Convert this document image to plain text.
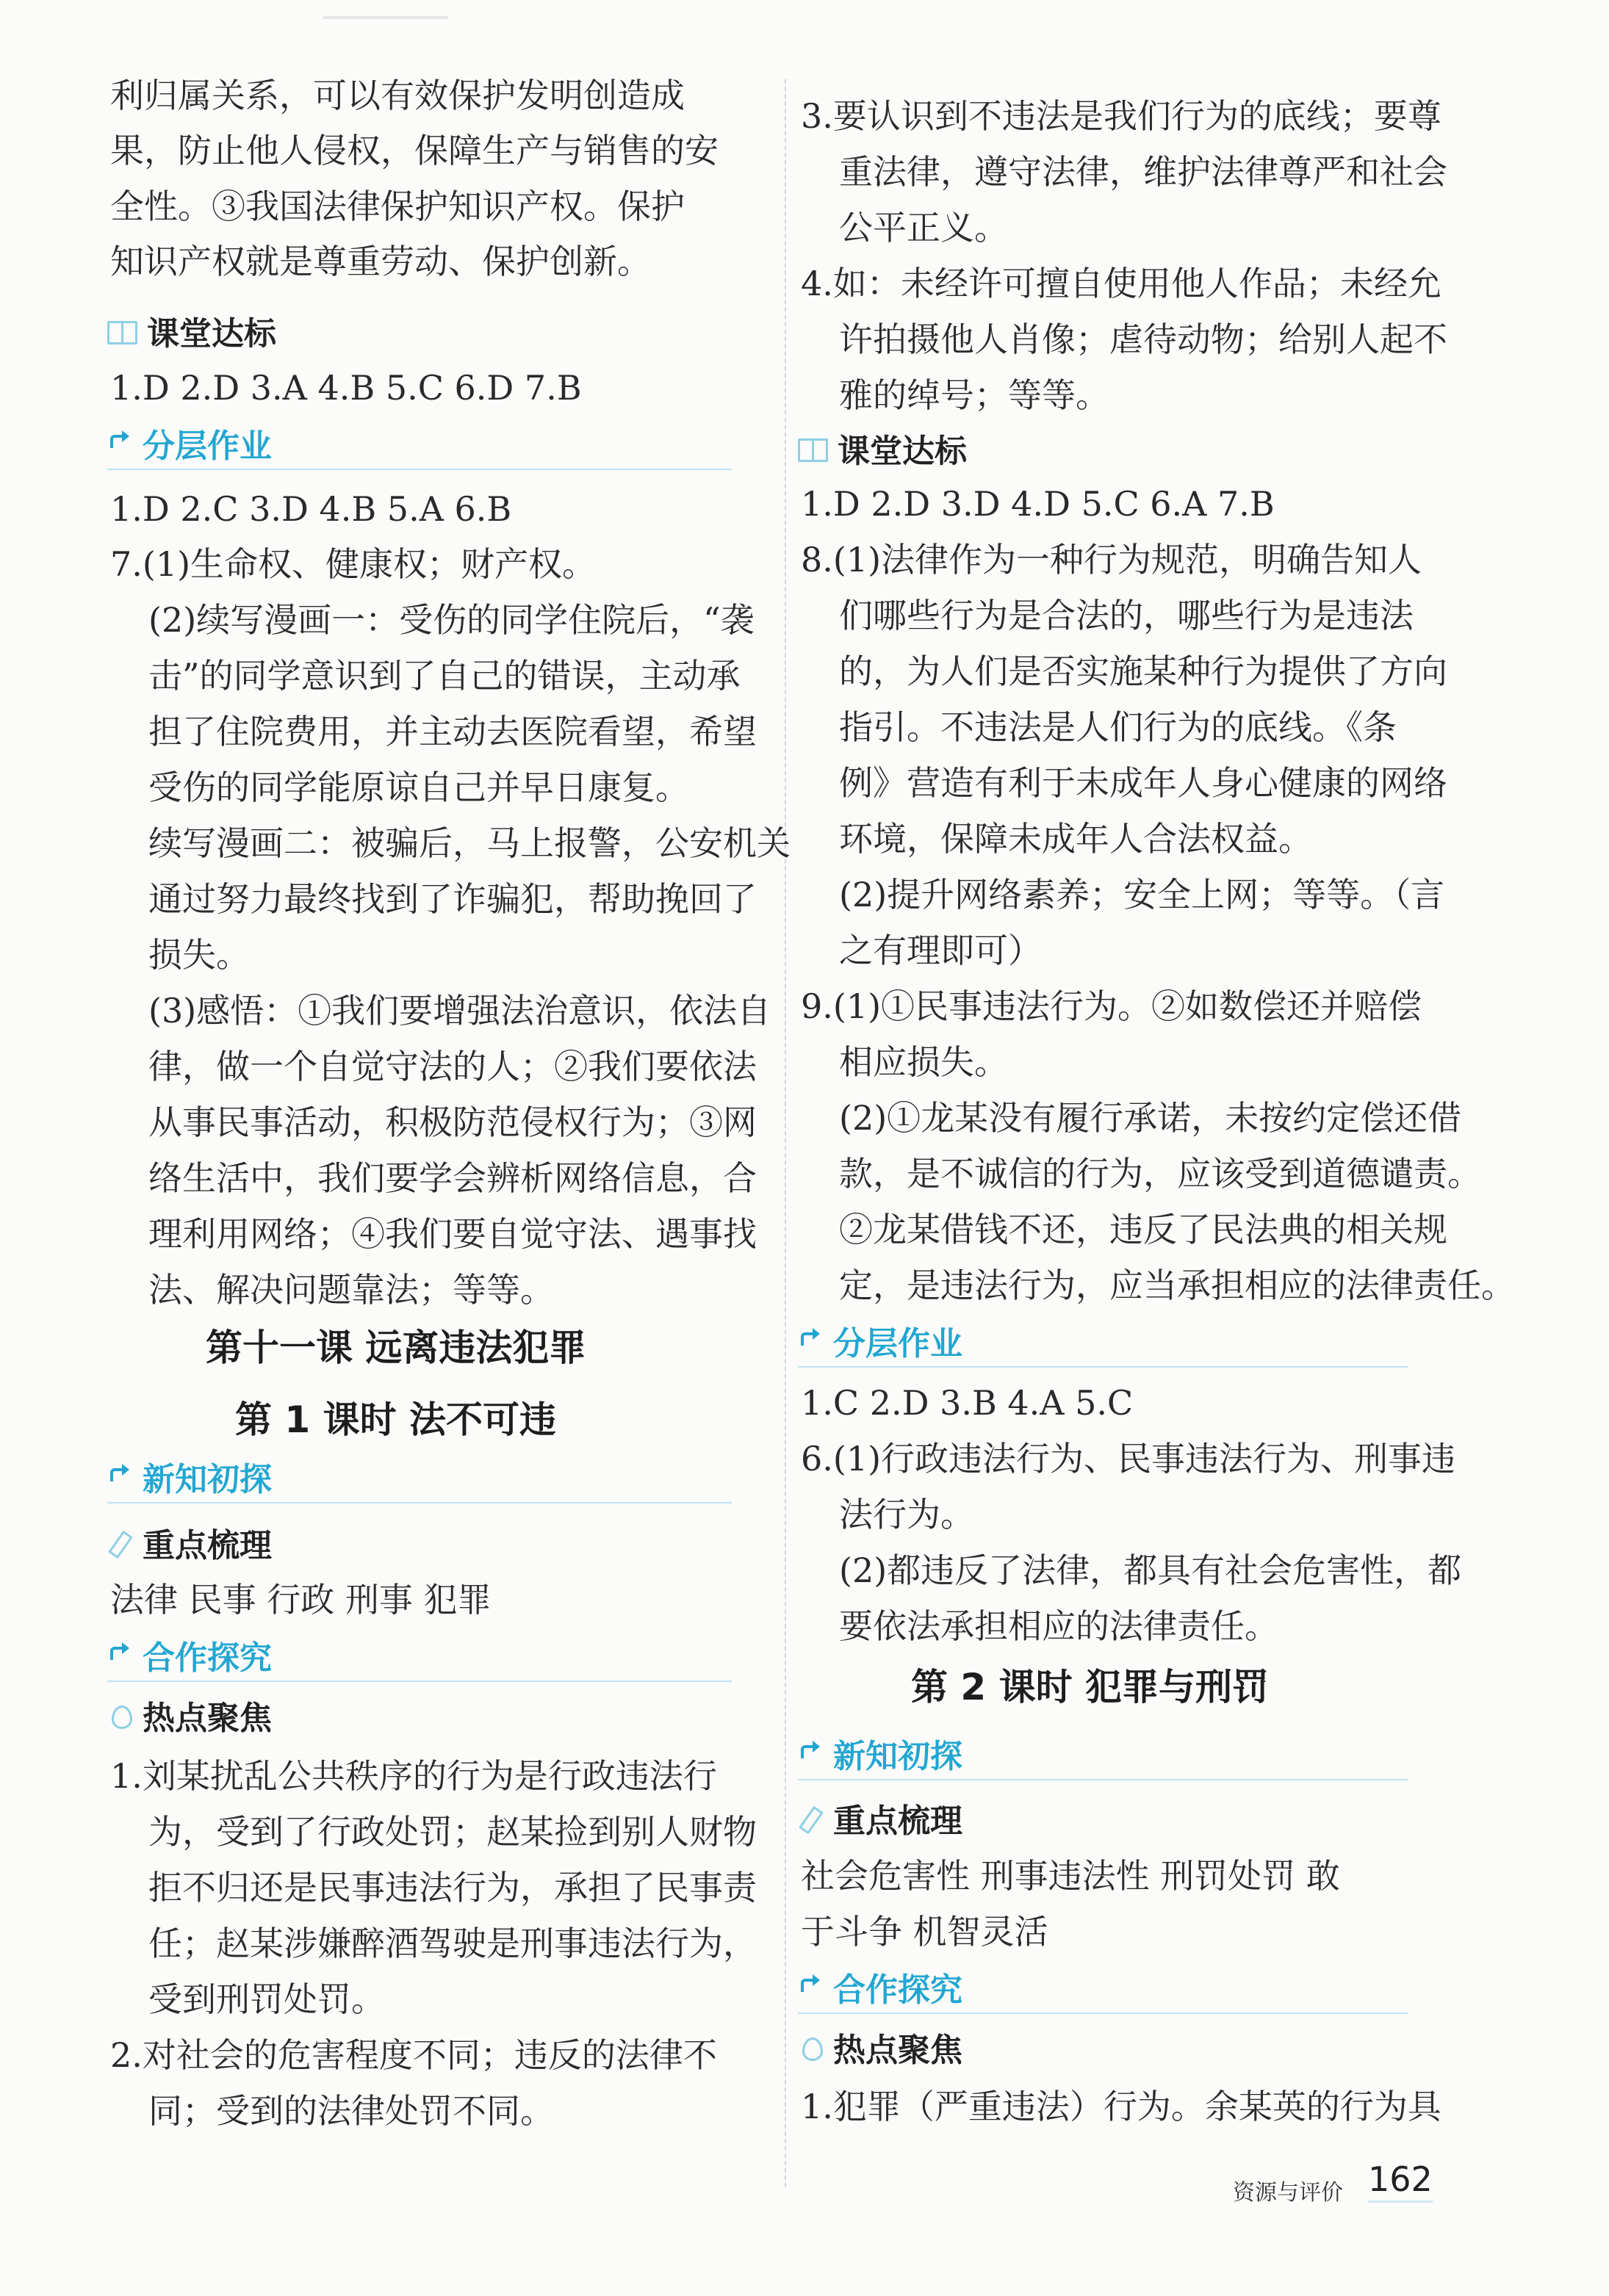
利归属关系，可以有效保护发明创造成
果，防止他人侵权，保障生产与销售的安
全性。③我国法律保护知识产权。保护
知识产权就是尊重劳动、保护创新。
课堂达标
1.D 2.D 3.A 4.B 5.C 6.D 7.B
分层作业
1.D 2.C 3.D 4.B 5.A 6.B
7.(1)生命权、健康权；财产权。
(2)续写漫画一：受伤的同学住院后，“袭
击”的同学意识到了自己的错误，主动承
担了住院费用，并主动去医院看望，希望
受伤的同学能原谅自己并早日康复。
续写漫画二：被骗后，马上报警，公安机关
通过努力最终找到了诈骗犯，帮助挽回了
损失。
(3)感悟：①我们要增强法治意识，依法自
律，做一个自觉守法的人；②我们要依法
从事民事活动，积极防范侵权行为；③网
络生活中，我们要学会辨析网络信息，合
理利用网络；④我们要自觉守法、遇事找
法、解决问题靠法；等等。
第十一课 远离违法犯罪
第 1 课时 法不可违
新知初探
重点梳理
法律 民事 行政 刑事 犯罪
合作探究
热点聚焦
1.刘某扰乱公共秩序的行为是行政违法行
为，受到了行政处罚；赵某捡到别人财物
拒不归还是民事违法行为，承担了民事责
任；赵某涉嫌醉酒驾驶是刑事违法行为，
受到刑罚处罚。
2.对社会的危害程度不同；违反的法律不
同；受到的法律处罚不同。
3.要认识到不违法是我们行为的底线；要尊
重法律，遵守法律，维护法律尊严和社会
公平正义。
4.如：未经许可擅自使用他人作品；未经允
许拍摄他人肖像；虐待动物；给别人起不
雅的绰号；等等。
课堂达标
1.D 2.D 3.D 4.D 5.C 6.A 7.B
8.(1)法律作为一种行为规范，明确告知人
们哪些行为是合法的，哪些行为是违法
的，为人们是否实施某种行为提供了方向
指引。不违法是人们行为的底线。《条
例》营造有利于未成年人身心健康的网络
环境，保障未成年人合法权益。
(2)提升网络素养；安全上网；等等。（言
之有理即可）
9.(1)①民事违法行为。②如数偿还并赔偿
相应损失。
(2)①龙某没有履行承诺，未按约定偿还借
款，是不诚信的行为，应该受到道德谴责。
②龙某借钱不还，违反了民法典的相关规
定，是违法行为，应当承担相应的法律责任。
分层作业
1.C 2.D 3.B 4.A 5.C
6.(1)行政违法行为、民事违法行为、刑事违
法行为。
(2)都违反了法律，都具有社会危害性，都
要依法承担相应的法律责任。
第 2 课时 犯罪与刑罚
新知初探
重点梳理
社会危害性 刑事违法性 刑罚处罚 敢
于斗争 机智灵活
合作探究
热点聚焦
1.犯罪（严重违法）行为。余某英的行为具
资源与评价 162
